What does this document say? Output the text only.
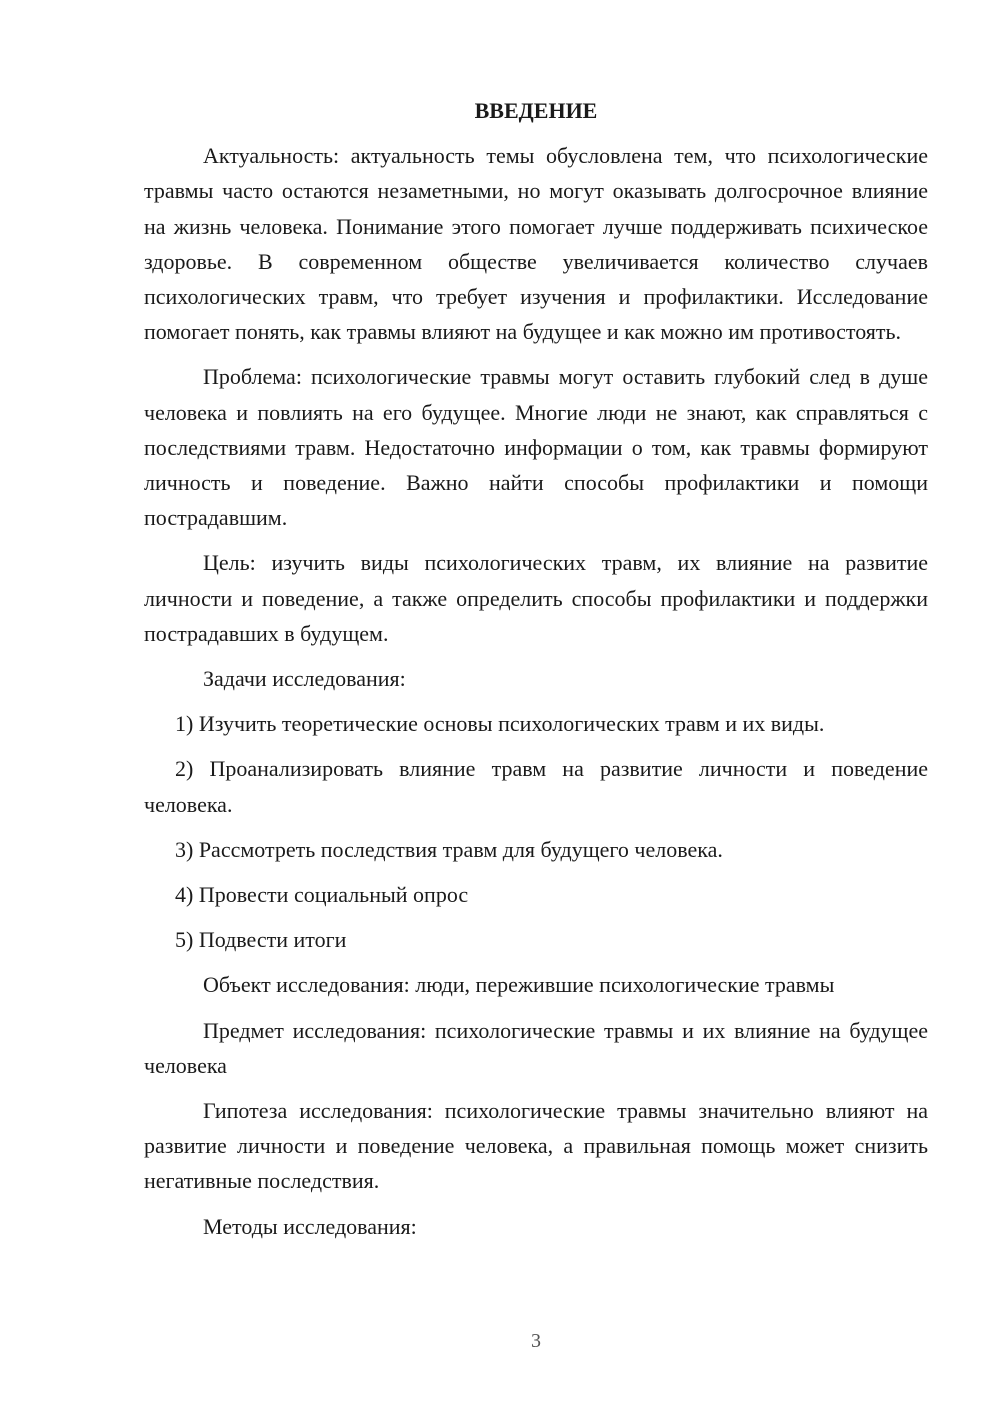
ВВЕДЕНИЕ

Актуальность: актуальность темы обусловлена тем, что психологические травмы часто остаются незаметными, но могут оказывать долгосрочное влияние на жизнь человека. Понимание этого помогает лучше поддерживать психическое здоровье. В современном обществе увеличивается количество случаев психологических травм, что требует изучения и профилактики. Исследование помогает понять, как травмы влияют на будущее и как можно им противостоять.

Проблема: психологические травмы могут оставить глубокий след в душе человека и повлиять на его будущее. Многие люди не знают, как справляться с последствиями травм. Недостаточно информации о том, как травмы формируют личность и поведение. Важно найти способы профилактики и помощи пострадавшим.

Цель: изучить виды психологических травм, их влияние на развитие личности и поведение, а также определить способы профилактики и поддержки пострадавших в будущем.

Задачи исследования:

1) Изучить теоретические основы психологических травм и их виды.

2) Проанализировать влияние травм на развитие личности и поведение человека.

3) Рассмотреть последствия травм для будущего человека.

4) Провести социальный опрос

5) Подвести итоги

Объект исследования: люди, пережившие психологические травмы

Предмет исследования: психологические травмы и их влияние на будущее человека

Гипотеза исследования: психологические травмы значительно влияют на развитие личности и поведение человека, а правильная помощь может снизить негативные последствия.

Методы исследования:

3
